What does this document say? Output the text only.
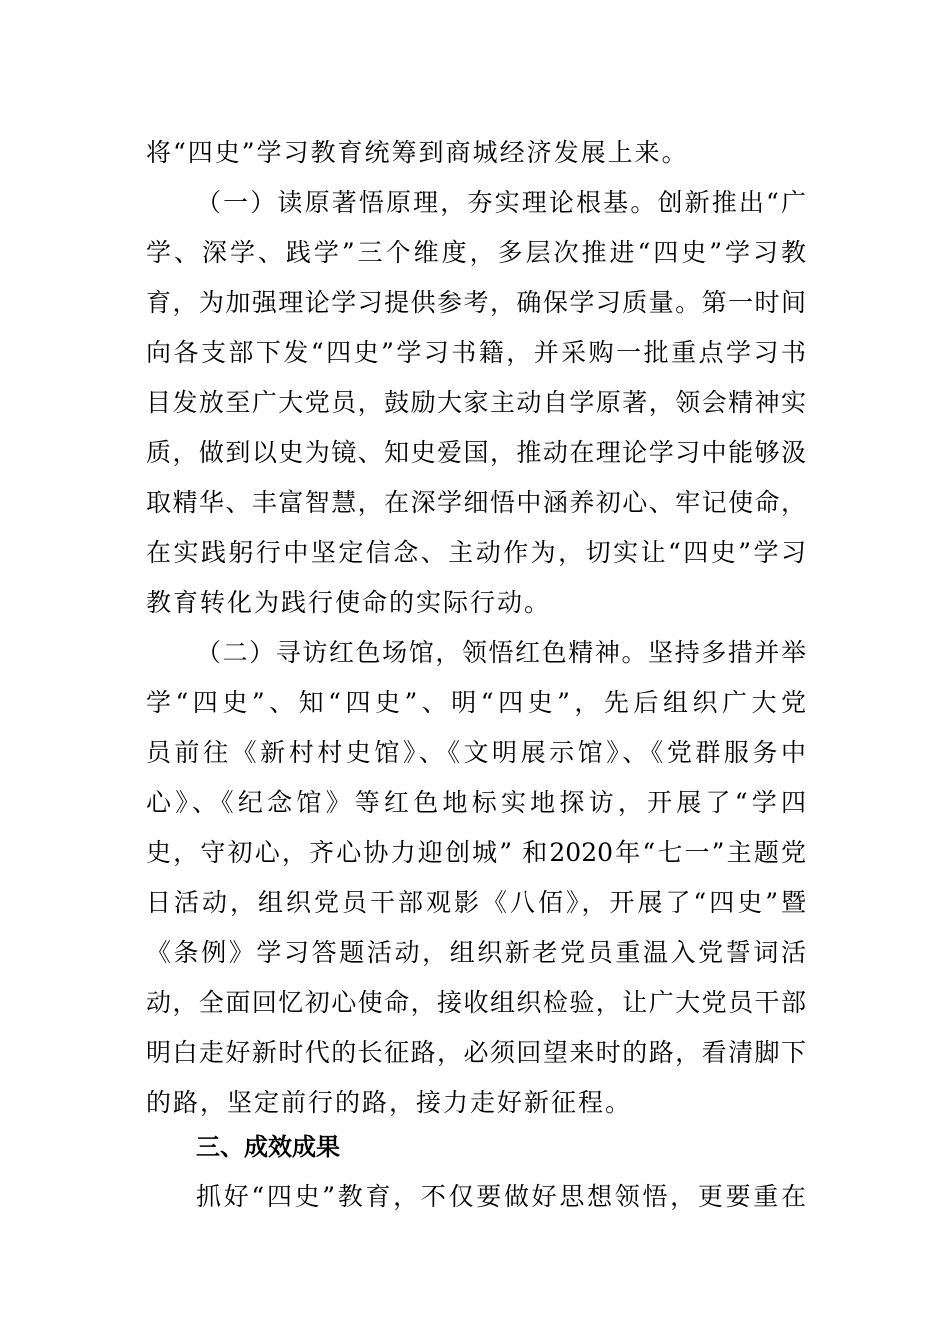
将“四史”学习教育统筹到商城经济发展上来。
（一）读原著悟原理，夯实理论根基。创新推出“广
学、深学、践学”三个维度，多层次推进“四史”学习教
育，为加强理论学习提供参考，确保学习质量。第一时间
向各支部下发“四史”学习书籍，并采购一批重点学习书
目发放至广大党员，鼓励大家主动自学原著，领会精神实
质，做到以史为镜、知史爱国，推动在理论学习中能够汲
取精华、丰富智慧，在深学细悟中涵养初心、牢记使命，
在实践躬行中坚定信念、主动作为，切实让“四史”学习
教育转化为践行使命的实际行动。
（二）寻访红色场馆，领悟红色精神。坚持多措并举
学“四史”、知“四史”、明“四史”，先后组织广大党
员前往《新村村史馆》、《文明展示馆》、《党群服务中
心》、《纪念馆》等红色地标实地探访，开展了“学四
史，守初心，齐心协力迎创城” 和2020年“七一”主题党
日活动，组织党员干部观影《八佰》，开展了“四史”暨
《条例》学习答题活动，组织新老党员重温入党誓词活
动，全面回忆初心使命，接收组织检验，让广大党员干部
明白走好新时代的长征路，必须回望来时的路，看清脚下
的路，坚定前行的路，接力走好新征程。
三、成效成果
抓好“四史”教育，不仅要做好思想领悟，更要重在
